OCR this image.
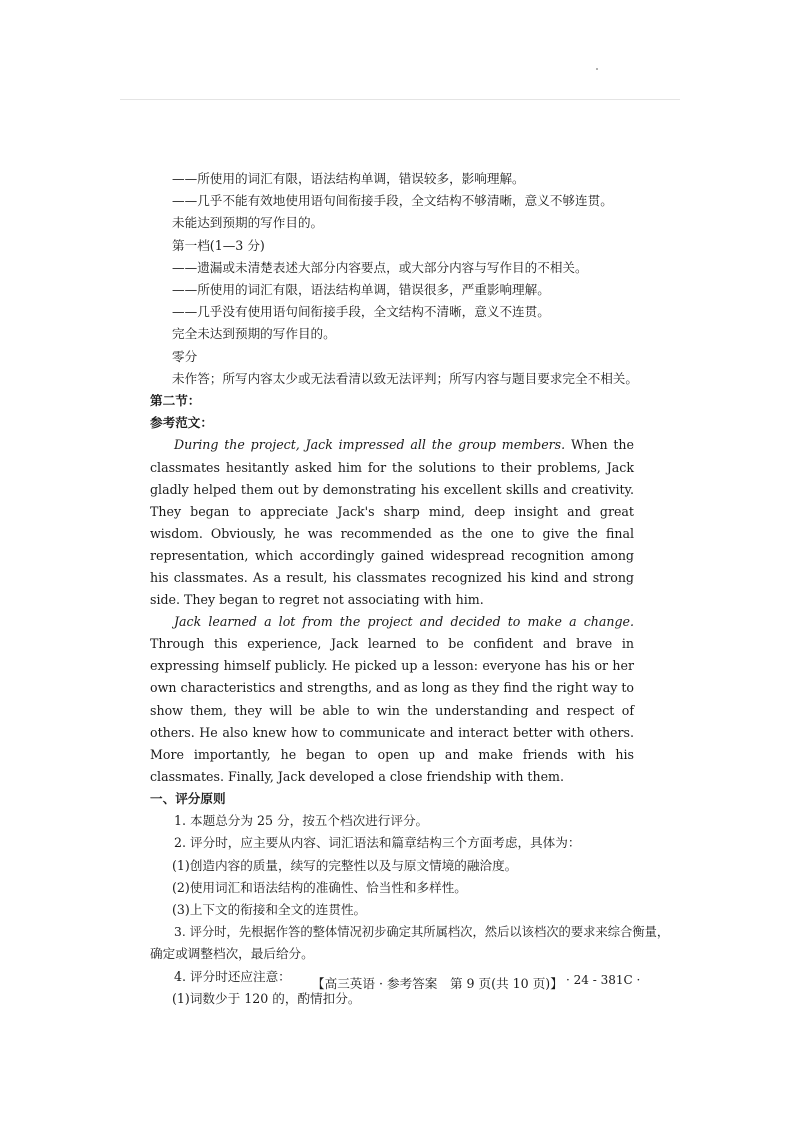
——所使用的词汇有限，语法结构单调，错误较多，影响理解。

——几乎不能有效地使用语句间衔接手段，全文结构不够清晰，意义不够连贯。

未能达到预期的写作目的。

第一档(1—3 分)

——遗漏或未清楚表述大部分内容要点，或大部分内容与写作目的不相关。

——所使用的词汇有限，语法结构单调，错误很多，严重影响理解。

——几乎没有使用语句间衔接手段，全文结构不清晰，意义不连贯。

完全未达到预期的写作目的。

零分

未作答；所写内容太少或无法看清以致无法评判；所写内容与题目要求完全不相关。

第二节：

参考范文：

During the project, Jack impressed all the group members. When the classmates hesitantly asked him for the solutions to their problems, Jack gladly helped them out by demonstrating his excellent skills and creativity. They began to appreciate Jack's sharp mind, deep insight and great wisdom. Obviously, he was recommended as the one to give the final representation, which accordingly gained widespread recognition among his classmates. As a result, his classmates recognized his kind and strong side. They began to regret not associating with him.

Jack learned a lot from the project and decided to make a change. Through this experience, Jack learned to be confident and brave in expressing himself publicly. He picked up a lesson: everyone has his or her own characteristics and strengths, and as long as they find the right way to show them, they will be able to win the understanding and respect of others. He also knew how to communicate and interact better with others. More importantly, he began to open up and make friends with his classmates. Finally, Jack developed a close friendship with them.

一、评分原则

1. 本题总分为 25 分，按五个档次进行评分。

2. 评分时，应主要从内容、词汇语法和篇章结构三个方面考虑，具体为：

(1)创造内容的质量，续写的完整性以及与原文情境的融洽度。

(2)使用词汇和语法结构的准确性、恰当性和多样性。

(3)上下文的衔接和全文的连贯性。

3. 评分时，先根据作答的整体情况初步确定其所属档次，然后以该档次的要求来综合衡量，

确定或调整档次，最后给分。

4. 评分时还应注意：

(1)词数少于 120 的，酌情扣分。

【高三英语 · 参考答案　第 9 页(共 10 页)】 · 24 - 381C ·
